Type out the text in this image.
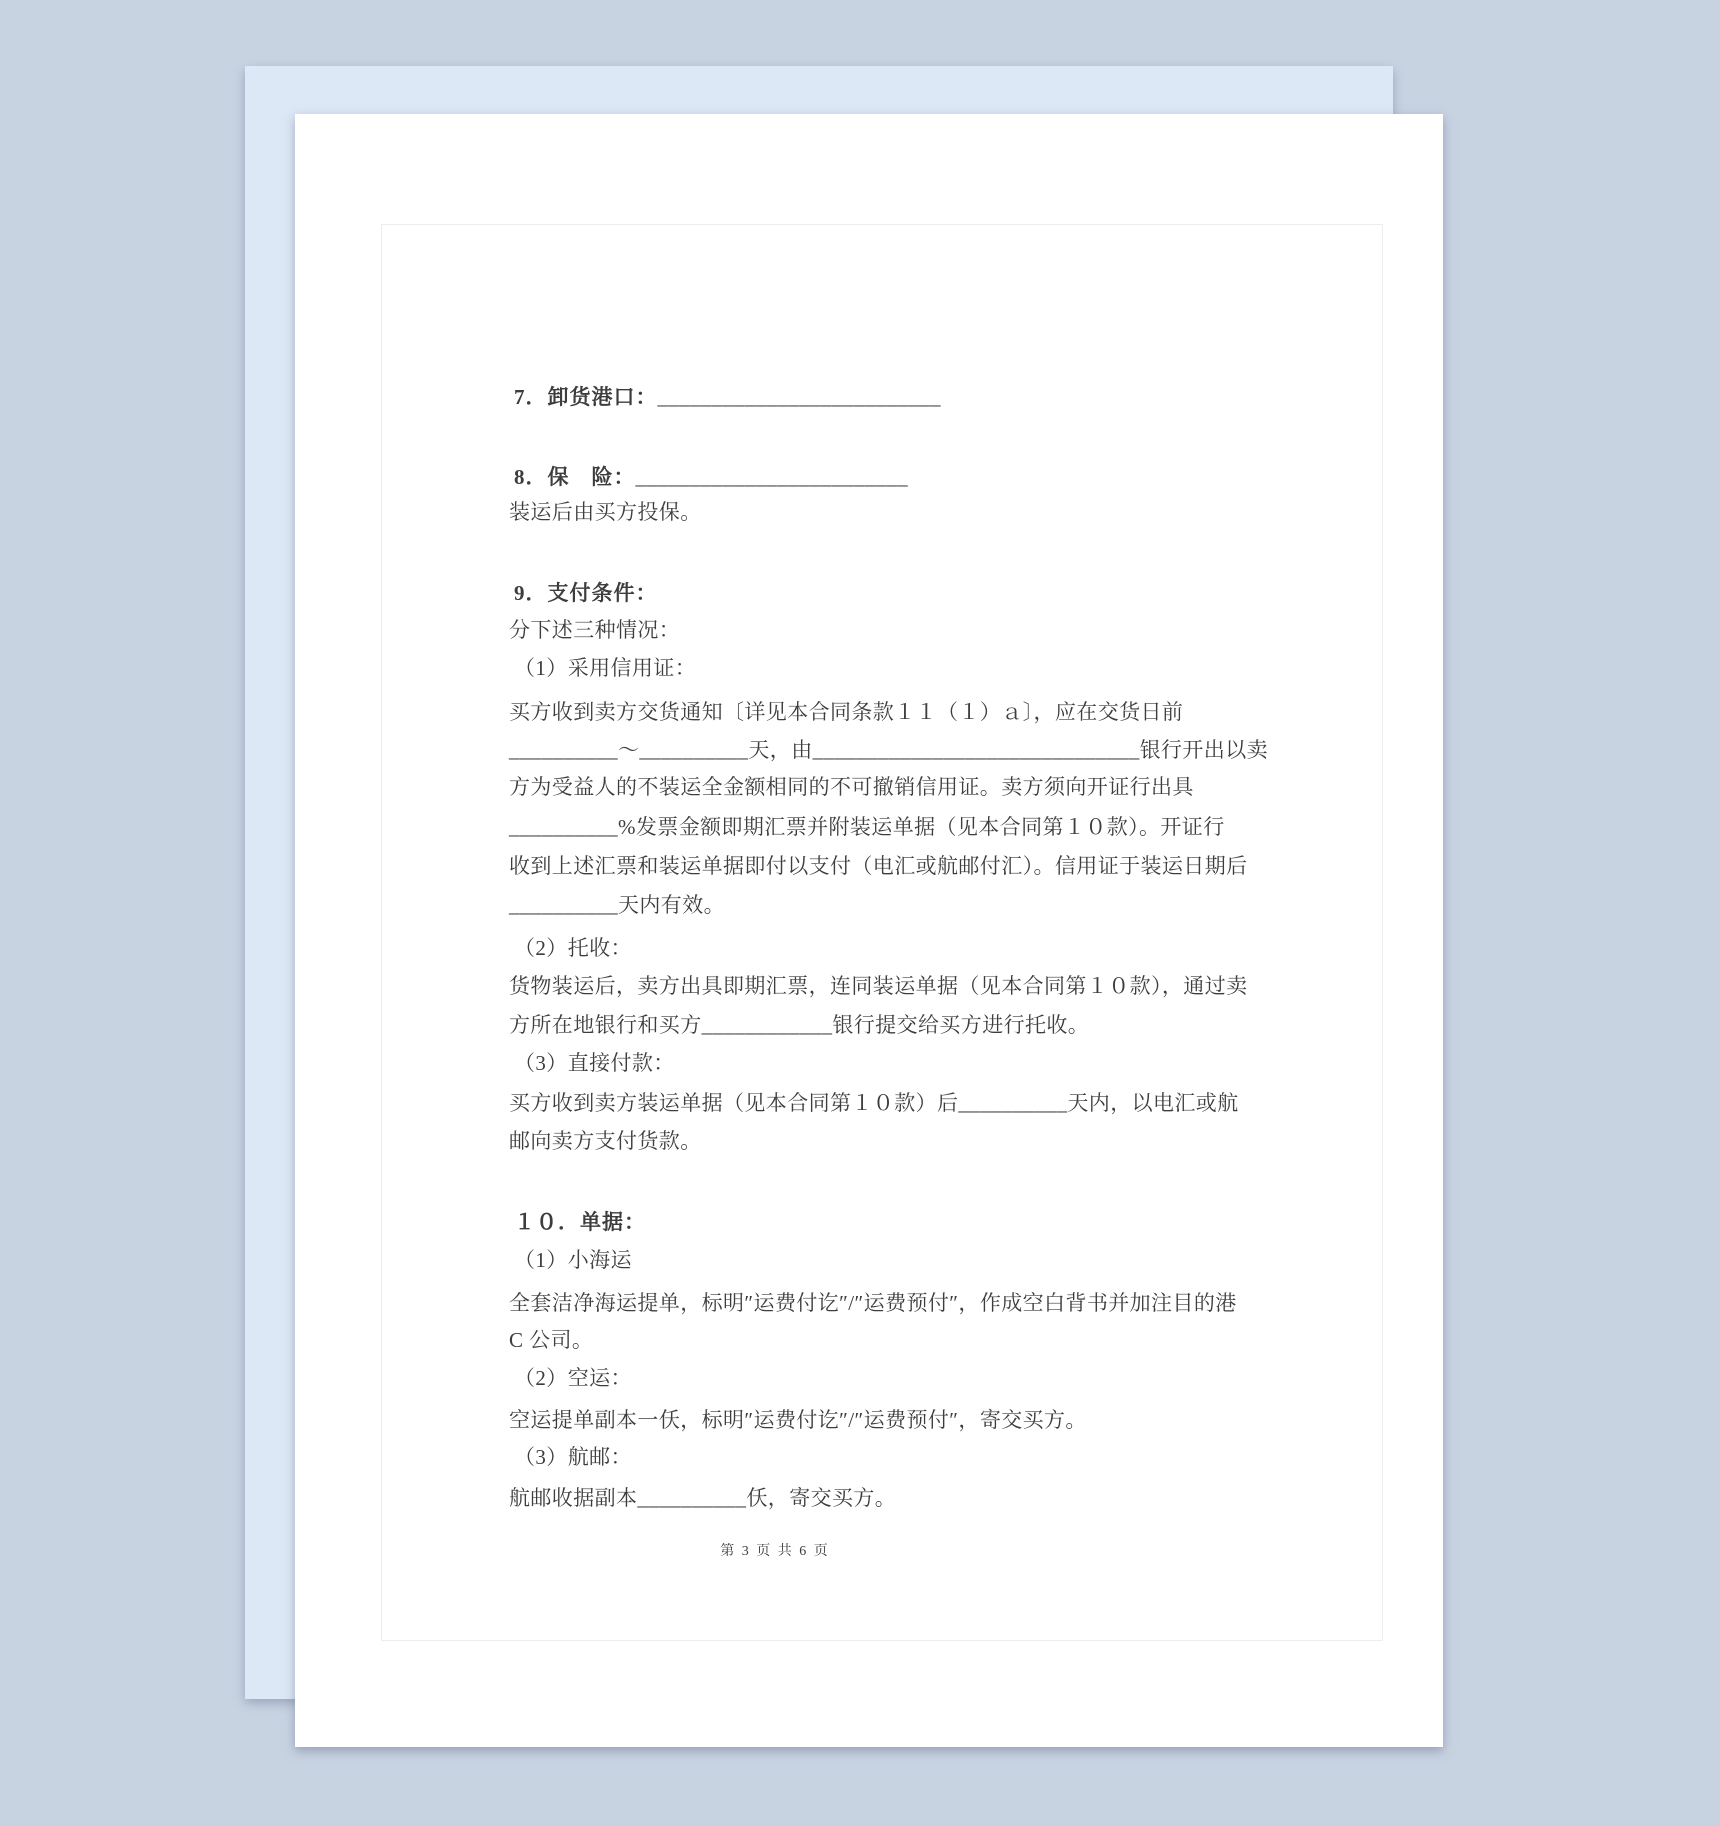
7．卸货港口：__________________________
8．保　险：_________________________
装运后由买方投保。
9．支付条件：
分下述三种情况：
（1）采用信用证：
买方收到卖方交货通知〔详见本合同条款１１（１）ａ〕，应在交货日前
__________～__________天，由______________________________银行开出以卖
方为受益人的不装运全金额相同的不可撤销信用证。卖方须向开证行出具
__________%发票金额即期汇票并附装运单据（见本合同第１０款）。开证行
收到上述汇票和装运单据即付以支付（电汇或航邮付汇）。信用证于装运日期后
__________天内有效。
（2）托收：
货物装运后，卖方出具即期汇票，连同装运单据（见本合同第１０款），通过卖
方所在地银行和买方____________银行提交给买方进行托收。
（3）直接付款：
买方收到卖方装运单据（见本合同第１０款）后__________天内，以电汇或航
邮向卖方支付货款。
１０．单据：
（1）小海运
全套洁净海运提单，标明″运费付讫″/″运费预付″，作成空白背书并加注目的港
C 公司。
（2）空运：
空运提单副本一仸，标明″运费付讫″/″运费预付″，寄交买方。
（3）航邮：
航邮收据副本__________仸，寄交买方。
第 3 页 共 6 页
